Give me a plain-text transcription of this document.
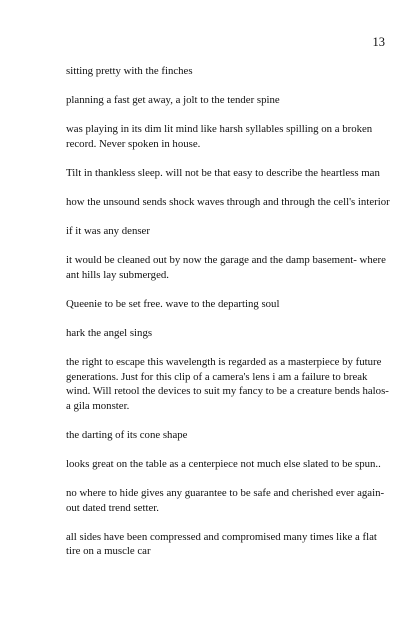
13

sitting pretty with the finches

planning a fast get away, a jolt to the tender spine

was playing in its dim lit mind like harsh syllables spilling on a broken record. Never spoken in house.

Tilt in thankless sleep. will not be that easy to describe the heartless man

how the unsound sends shock waves through and through the cell's interior

if it was any denser

it would be cleaned out by now the garage and the damp basement- where ant hills lay submerged.

Queenie to be set free. wave to the departing soul

hark the angel sings

the right to escape this wavelength is regarded as a masterpiece by future generations. Just for this clip of a camera's lens i am a failure to break wind. Will retool the devices to suit my fancy to be a creature bends halos-a gila monster.

the darting of its cone shape

looks great on the table as a centerpiece not much else slated to be spun..

no where to hide gives any guarantee to be safe and cherished ever again- out dated trend setter.

all sides have been compressed and compromised many times like a flat tire on a muscle car
